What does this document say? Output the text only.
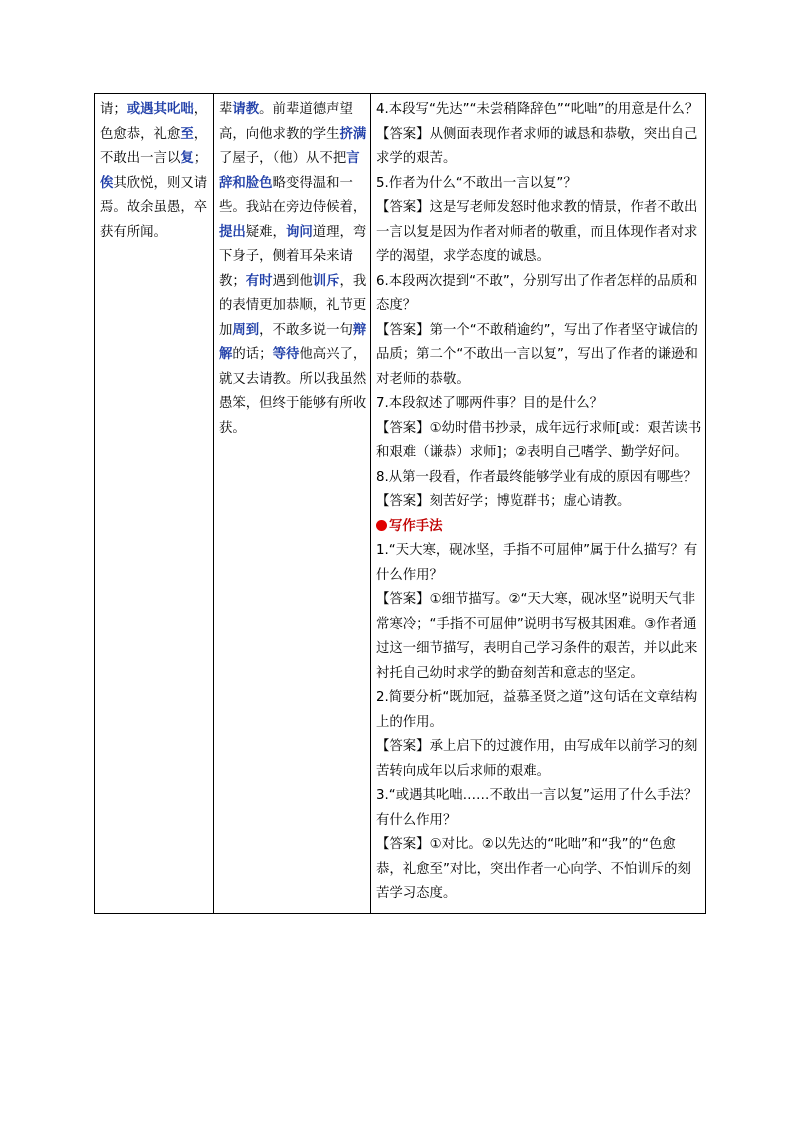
请；或遇其叱咄，色愈恭，礼愈至，不敢出一言以复；俟其欣悦，则又请焉。故余虽愚，卒获有所闻。

辈请教。前辈道德声望高，向他求教的学生挤满了屋子，（他）从不把言辞和脸色略变得温和一些。我站在旁边侍候着，提出疑难，询问道理，弯下身子，侧着耳朵来请教；有时遇到他训斥，我的表情更加恭顺，礼节更加周到，不敢多说一句辩解的话；等待他高兴了，就又去请教。所以我虽然愚笨，但终于能够有所收获。

4.本段写“先达”“未尝稍降辞色”“叱咄”的用意是什么？

【答案】从侧面表现作者求师的诚恳和恭敬，突出自己求学的艰苦。

5.作者为什么“不敢出一言以复”？

【答案】这是写老师发怒时他求教的情景，作者不敢出一言以复是因为作者对师者的敬重，而且体现作者对求学的渴望，求学态度的诚恳。

6.本段两次提到“不敢”，分别写出了作者怎样的品质和态度？

【答案】第一个“不敢稍逾约”，写出了作者坚守诚信的品质；第二个“不敢出一言以复”，写出了作者的谦逊和对老师的恭敬。

7.本段叙述了哪两件事？目的是什么？

【答案】①幼时借书抄录，成年远行求师[或：艰苦读书和艰难（谦恭）求师]；②表明自己嗜学、勤学好问。

8.从第一段看，作者最终能够学业有成的原因有哪些？

【答案】刻苦好学；博览群书；虚心请教。

写作手法

1.“天大寒，砚冰坚，手指不可屈伸”属于什么描写？有什么作用？

【答案】①细节描写。②“天大寒，砚冰坚”说明天气非常寒冷；“手指不可屈伸”说明书写极其困难。③作者通过这一细节描写，表明自己学习条件的艰苦，并以此来衬托自己幼时求学的勤奋刻苦和意志的坚定。

2.简要分析“既加冠，益慕圣贤之道”这句话在文章结构上的作用。

【答案】承上启下的过渡作用，由写成年以前学习的刻苦转向成年以后求师的艰难。

3.“或遇其叱咄……不敢出一言以复”运用了什么手法？有什么作用？

【答案】①对比。②以先达的“叱咄”和“我”的“色愈恭，礼愈至”对比，突出作者一心向学、不怕训斥的刻苦学习态度。
